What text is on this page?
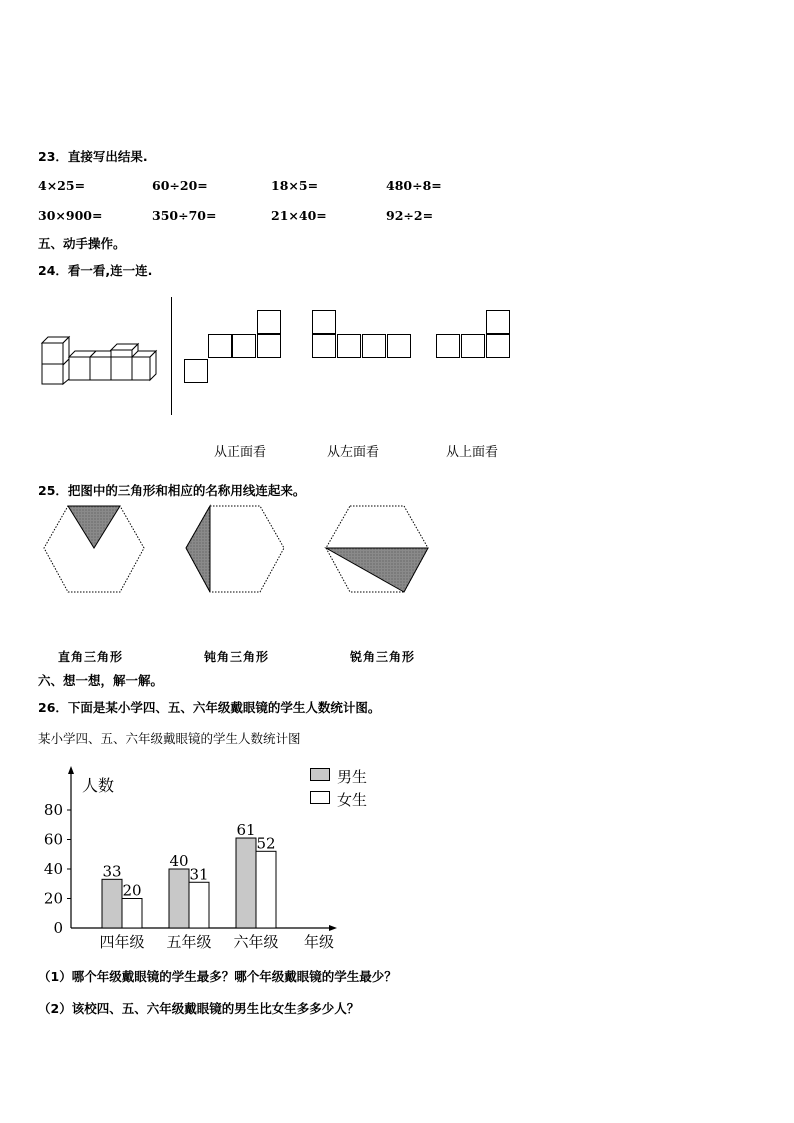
23．直接写出结果.
4×25=	60÷20=	18×5=	480÷8=
30×900=	350÷70=	21×40=	92÷2=
五、动手操作。
24．看一看,连一连.
从正面看	从左面看	从上面看
25．把图中的三角形和相应的名称用线连起来。
直角三角形	钝角三角形	锐角三角形
六、想一想，解一解。
26．下面是某小学四、五、六年级戴眼镜的学生人数统计图。
某小学四、五、六年级戴眼镜的学生人数统计图
0
20
40
60
80
33
20
四年级
40
31
五年级
61
52
六年级
人数
年级
男生
女生
（1）哪个年级戴眼镜的学生最多？哪个年级戴眼镜的学生最少？
（2）该校四、五、六年级戴眼镜的男生比女生多多少人？
